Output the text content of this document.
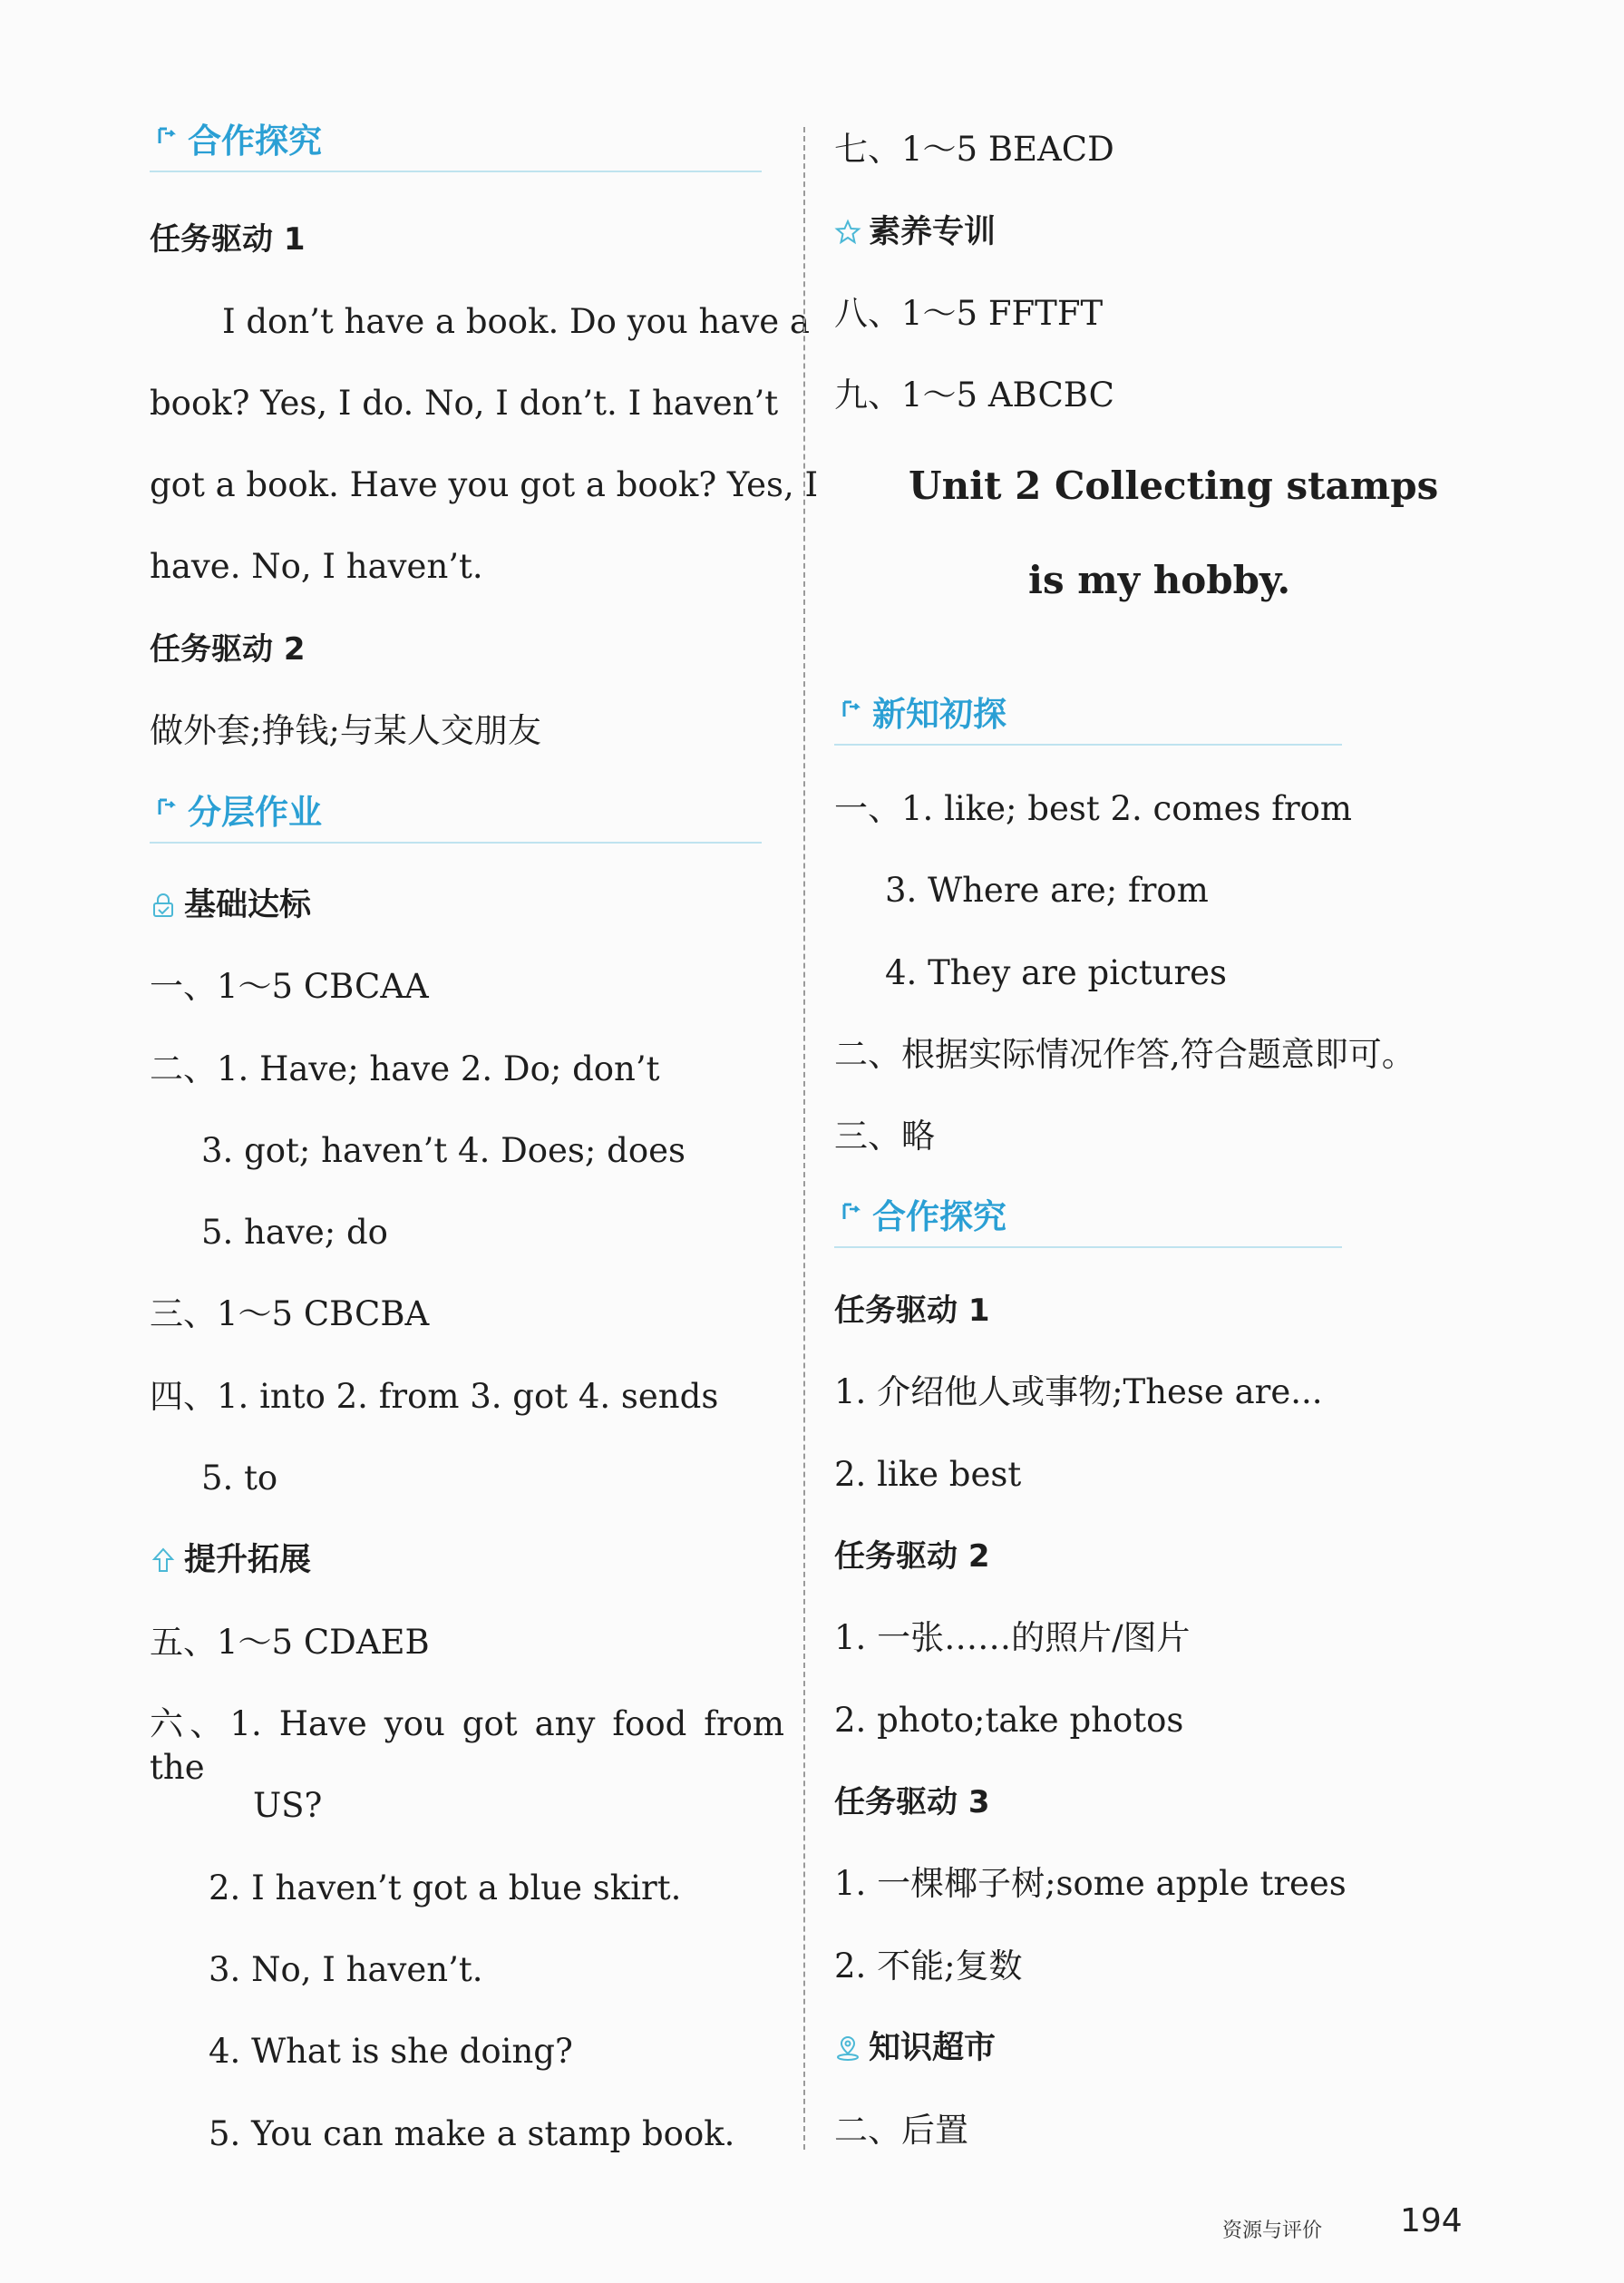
合作探究
任务驱动 1
I don’t have a book. Do you have a
book? Yes, I do. No, I don’t. I haven’t
got a book. Have you got a book? Yes, I
have. No, I haven’t.
任务驱动 2
做外套;挣钱;与某人交朋友
分层作业
基础达标
一、1～5 CBCAA
二、1. Have; have 2. Do; don’t
3. got; haven’t 4. Does; does
5. have; do
三、1～5 CBCBA
四、1. into 2. from 3. got 4. sends
5. to
提升拓展
五、1～5 CDAEB
六、1. Have you got any food from the
US?
2. I haven’t got a blue skirt.
3. No, I haven’t.
4. What is she doing?
5. You can make a stamp book.
七、1～5 BEACD
素养专训
八、1～5 FFTFT
九、1～5 ABCBC
Unit 2 Collecting stamps
is my hobby.
新知初探
一、1. like; best 2. comes from
3. Where are; from
4. They are pictures
二、根据实际情况作答,符合题意即可。
三、略
合作探究
任务驱动 1
1. 介绍他人或事物;These are...
2. like best
任务驱动 2
1. 一张……的照片/图片
2. photo;take photos
任务驱动 3
1. 一棵椰子树;some apple trees
2. 不能;复数
知识超市
二、后置
资源与评价 194
